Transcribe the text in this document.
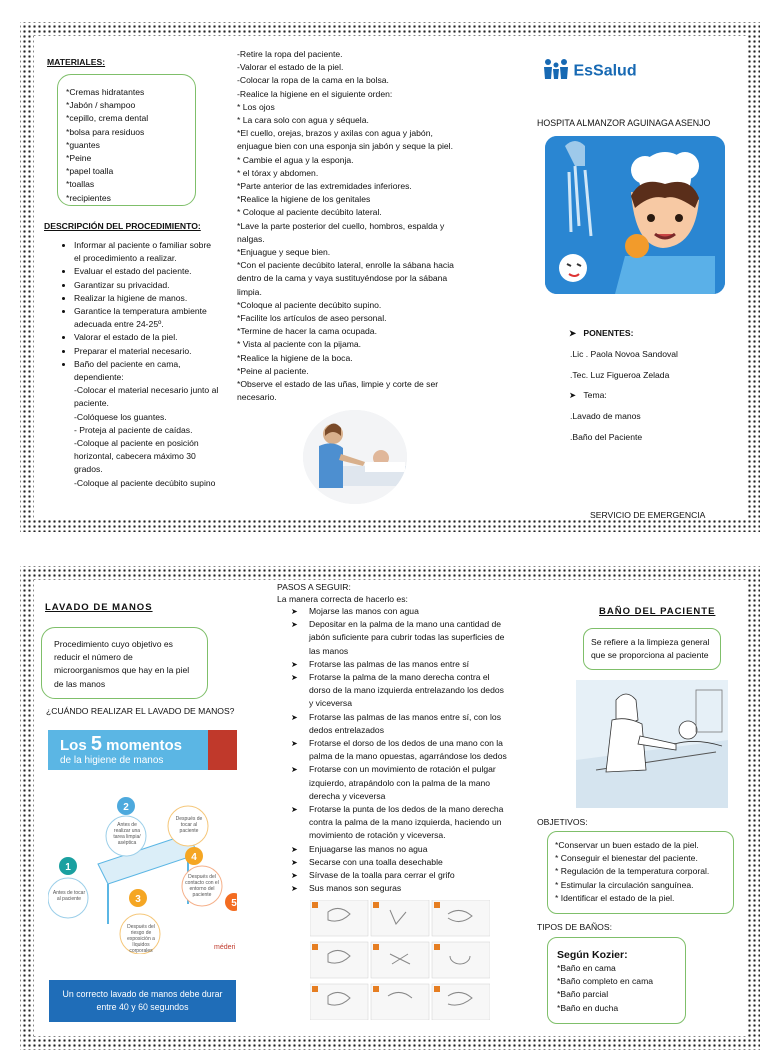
MATERIALES:
*Cremas hidratantes
*Jabón / shampoo
*cepillo, crema dental
*bolsa para residuos
*guantes
*Peine
*papel toalla
*toallas
*recipientes
DESCRIPCIÓN DEL PROCEDIMIENTO:
• Informar al paciente o familiar sobre el procedimiento a realizar.
• Evaluar el estado del paciente.
• Garantizar su privacidad.
• Realizar la higiene de manos.
• Garantice la temperatura ambiente adecuada entre 24-25º.
• Valorar el estado de la piel.
• Preparar el material necesario.
• Baño del paciente en cama, dependiente:
-Colocar el material necesario junto al paciente.
-Colóquese los guantes.
- Proteja al paciente de caídas.
-Coloque al paciente en posición horizontal, cabecera máximo 30 grados.
-Coloque al paciente decúbito supino
-Retire la ropa del paciente.
-Valorar el estado de la piel.
-Colocar la ropa de la cama en la bolsa.
-Realice la higiene en el siguiente orden:
* Los ojos
* La cara solo con agua y séquela.
*El cuello, orejas, brazos y axilas con agua y jabón, enjuague bien con una esponja sin jabón y seque la piel.
* Cambie el agua y la esponja.
* el tórax y abdomen.
*Parte anterior de las extremidades inferiores.
*Realice la higiene de los genitales
* Coloque al paciente decúbito lateral.
*Lave la parte posterior del cuello, hombros, espalda y nalgas.
*Enjuague y seque bien.
*Con el paciente decúbito lateral, enrolle la sábana hacia dentro de la cama y vaya sustituyéndose por la sábana limpia.
*Coloque al paciente decúbito supino.
*Facilite los artículos de aseo personal.
*Termine de hacer la cama ocupada.
* Vista al paciente con la pijama.
*Realice la higiene de la boca.
*Peine al paciente.
*Observe el estado de las uñas, limpie y corte de ser necesario.
EsSalud
HOSPITA ALMANZOR AGUINAGA ASENJO
➤ PONENTES:
.Lic . Paola Novoa Sandoval
.Tec. Luz Figueroa Zelada
➤ Tema:
.Lavado de manos
.Baño del Paciente
SERVICIO DE EMERGENCIA
LAVADO DE MANOS
Procedimiento cuyo objetivo es reducir el número de microorganismos que hay en la piel de las manos
¿CUÁNDO REALIZAR EL LAVADO DE MANOS?
Los 5 momentos
de la higiene de manos
2
1
3
4
5
Antes de realizar una tarea limpia/ aséptica
Antes de tocar al paciente
Después del riesgo de exposición a líquidos corporales
Después de tocar al paciente
Después del contacto con el entorno del paciente
méderi
Un correcto lavado de manos debe durar entre 40 y 60 segundos
PASOS A SEGUIR:
La manera correcta de hacerlo es:
➤ Mojarse las manos con agua
➤ Depositar en la palma de la mano una cantidad de jabón suficiente para cubrir todas las superficies de las manos
➤ Frotarse las palmas de las manos entre sí
➤ Frotarse la palma de la mano derecha contra el dorso de la mano izquierda entrelazando los dedos y viceversa
➤ Frotarse las palmas de las manos entre sí, con los dedos entrelazados
➤ Frotarse el dorso de los dedos de una mano con la palma de la mano opuestas, agarrándose los dedos
➤ Frotarse con un movimiento de rotación el pulgar izquierdo, atrapándolo con la palma de la mano derecha y viceversa
➤ Frotarse la punta de los dedos de la mano derecha contra la palma de la mano izquierda, haciendo un movimiento de rotación y viceversa.
➤ Enjuagarse las manos no agua
➤ Secarse con una toalla desechable
➤ Sírvase de la toalla para cerrar el grifo
➤ Sus manos son seguras
BAÑO DEL PACIENTE
Se refiere a la limpieza general que se proporciona al paciente
OBJETIVOS:
*Conservar un buen estado de la piel.
* Conseguir el bienestar del paciente.
* Regulación de la temperatura corporal.
* Estimular la circulación sanguínea.
* Identificar el estado de la piel.
TIPOS DE BAÑOS:
Según Kozier:
*Baño en cama
*Baño completo en cama
*Baño parcial
*Baño en ducha
